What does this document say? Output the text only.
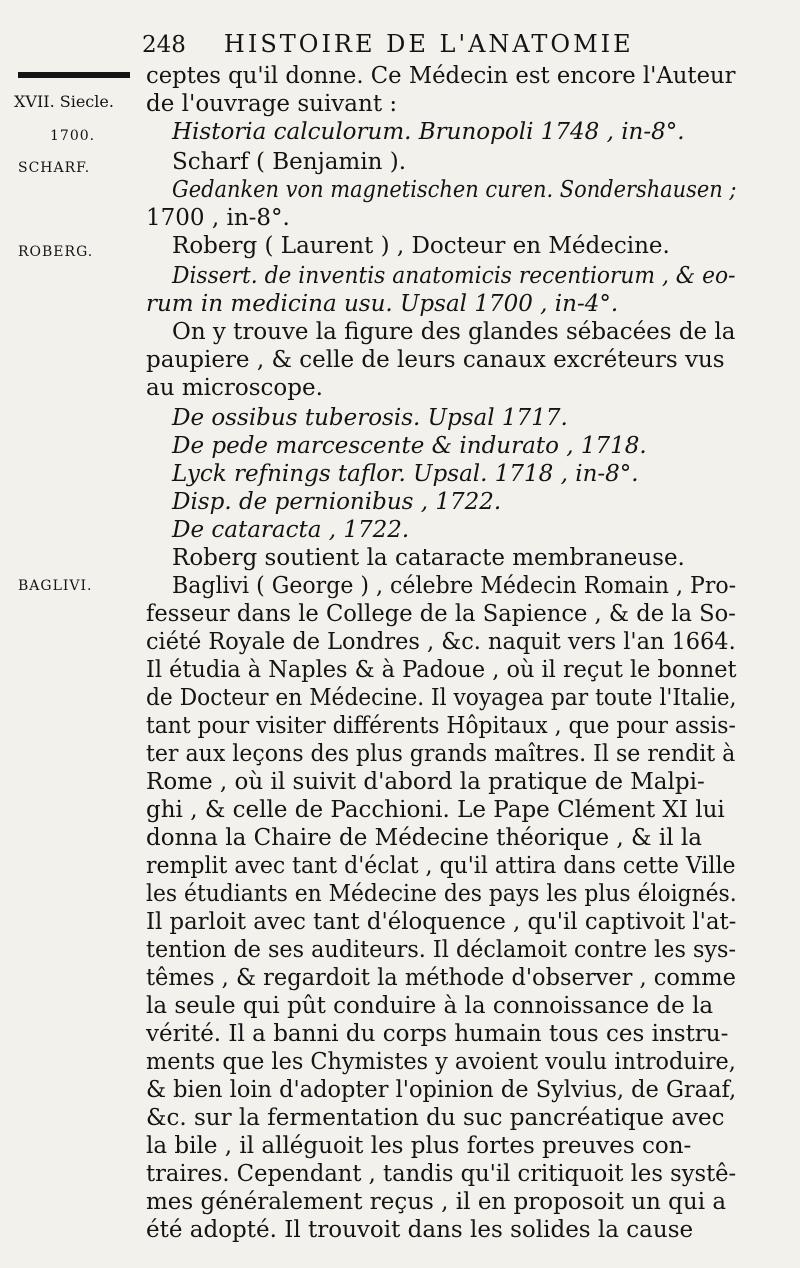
248 HISTOIRE DE L'ANATOMIE
XVII. Siecle.
1700.
SCHARF.
ROBERG.
BAGLIVI.
ceptes qu'il donne. Ce Médecin est encore l'Auteur
de l'ouvrage suivant :
Historia calculorum. Brunopoli 1748 , in-8°.
Scharf ( Benjamin ).
Gedanken von magnetischen curen. Sondershausen ;
1700 , in-8°.
Roberg ( Laurent ) , Docteur en Médecine.
Dissert. de inventis anatomicis recentiorum , & eo-
rum in medicina usu. Upsal 1700 , in-4°.
On y trouve la figure des glandes sébacées de la
paupiere , & celle de leurs canaux excréteurs vus
au microscope.
De ossibus tuberosis. Upsal 1717.
De pede marcescente & indurato , 1718.
Lyck refnings taflor. Upsal. 1718 , in-8°.
Disp. de pernionibus , 1722.
De cataracta , 1722.
Roberg soutient la cataracte membraneuse.
Baglivi ( George ) , célebre Médecin Romain , Pro-
fesseur dans le College de la Sapience , & de la So-
ciété Royale de Londres , &c. naquit vers l'an 1664.
Il étudia à Naples & à Padoue , où il reçut le bonnet
de Docteur en Médecine. Il voyagea par toute l'Italie,
tant pour visiter différents Hôpitaux , que pour assis-
ter aux leçons des plus grands maîtres. Il se rendit à
Rome , où il suivit d'abord la pratique de Malpi-
ghi , & celle de Pacchioni. Le Pape Clément XI lui
donna la Chaire de Médecine théorique , & il la
remplit avec tant d'éclat , qu'il attira dans cette Ville
les étudiants en Médecine des pays les plus éloignés.
Il parloit avec tant d'éloquence , qu'il captivoit l'at-
tention de ses auditeurs. Il déclamoit contre les sys-
têmes , & regardoit la méthode d'observer , comme
la seule qui pût conduire à la connoissance de la
vérité. Il a banni du corps humain tous ces instru-
ments que les Chymistes y avoient voulu introduire,
& bien loin d'adopter l'opinion de Sylvius, de Graaf,
&c. sur la fermentation du suc pancréatique avec
la bile , il alléguoit les plus fortes preuves con-
traires. Cependant , tandis qu'il critiquoit les systê-
mes généralement reçus , il en proposoit un qui a
été adopté. Il trouvoit dans les solides la cause
